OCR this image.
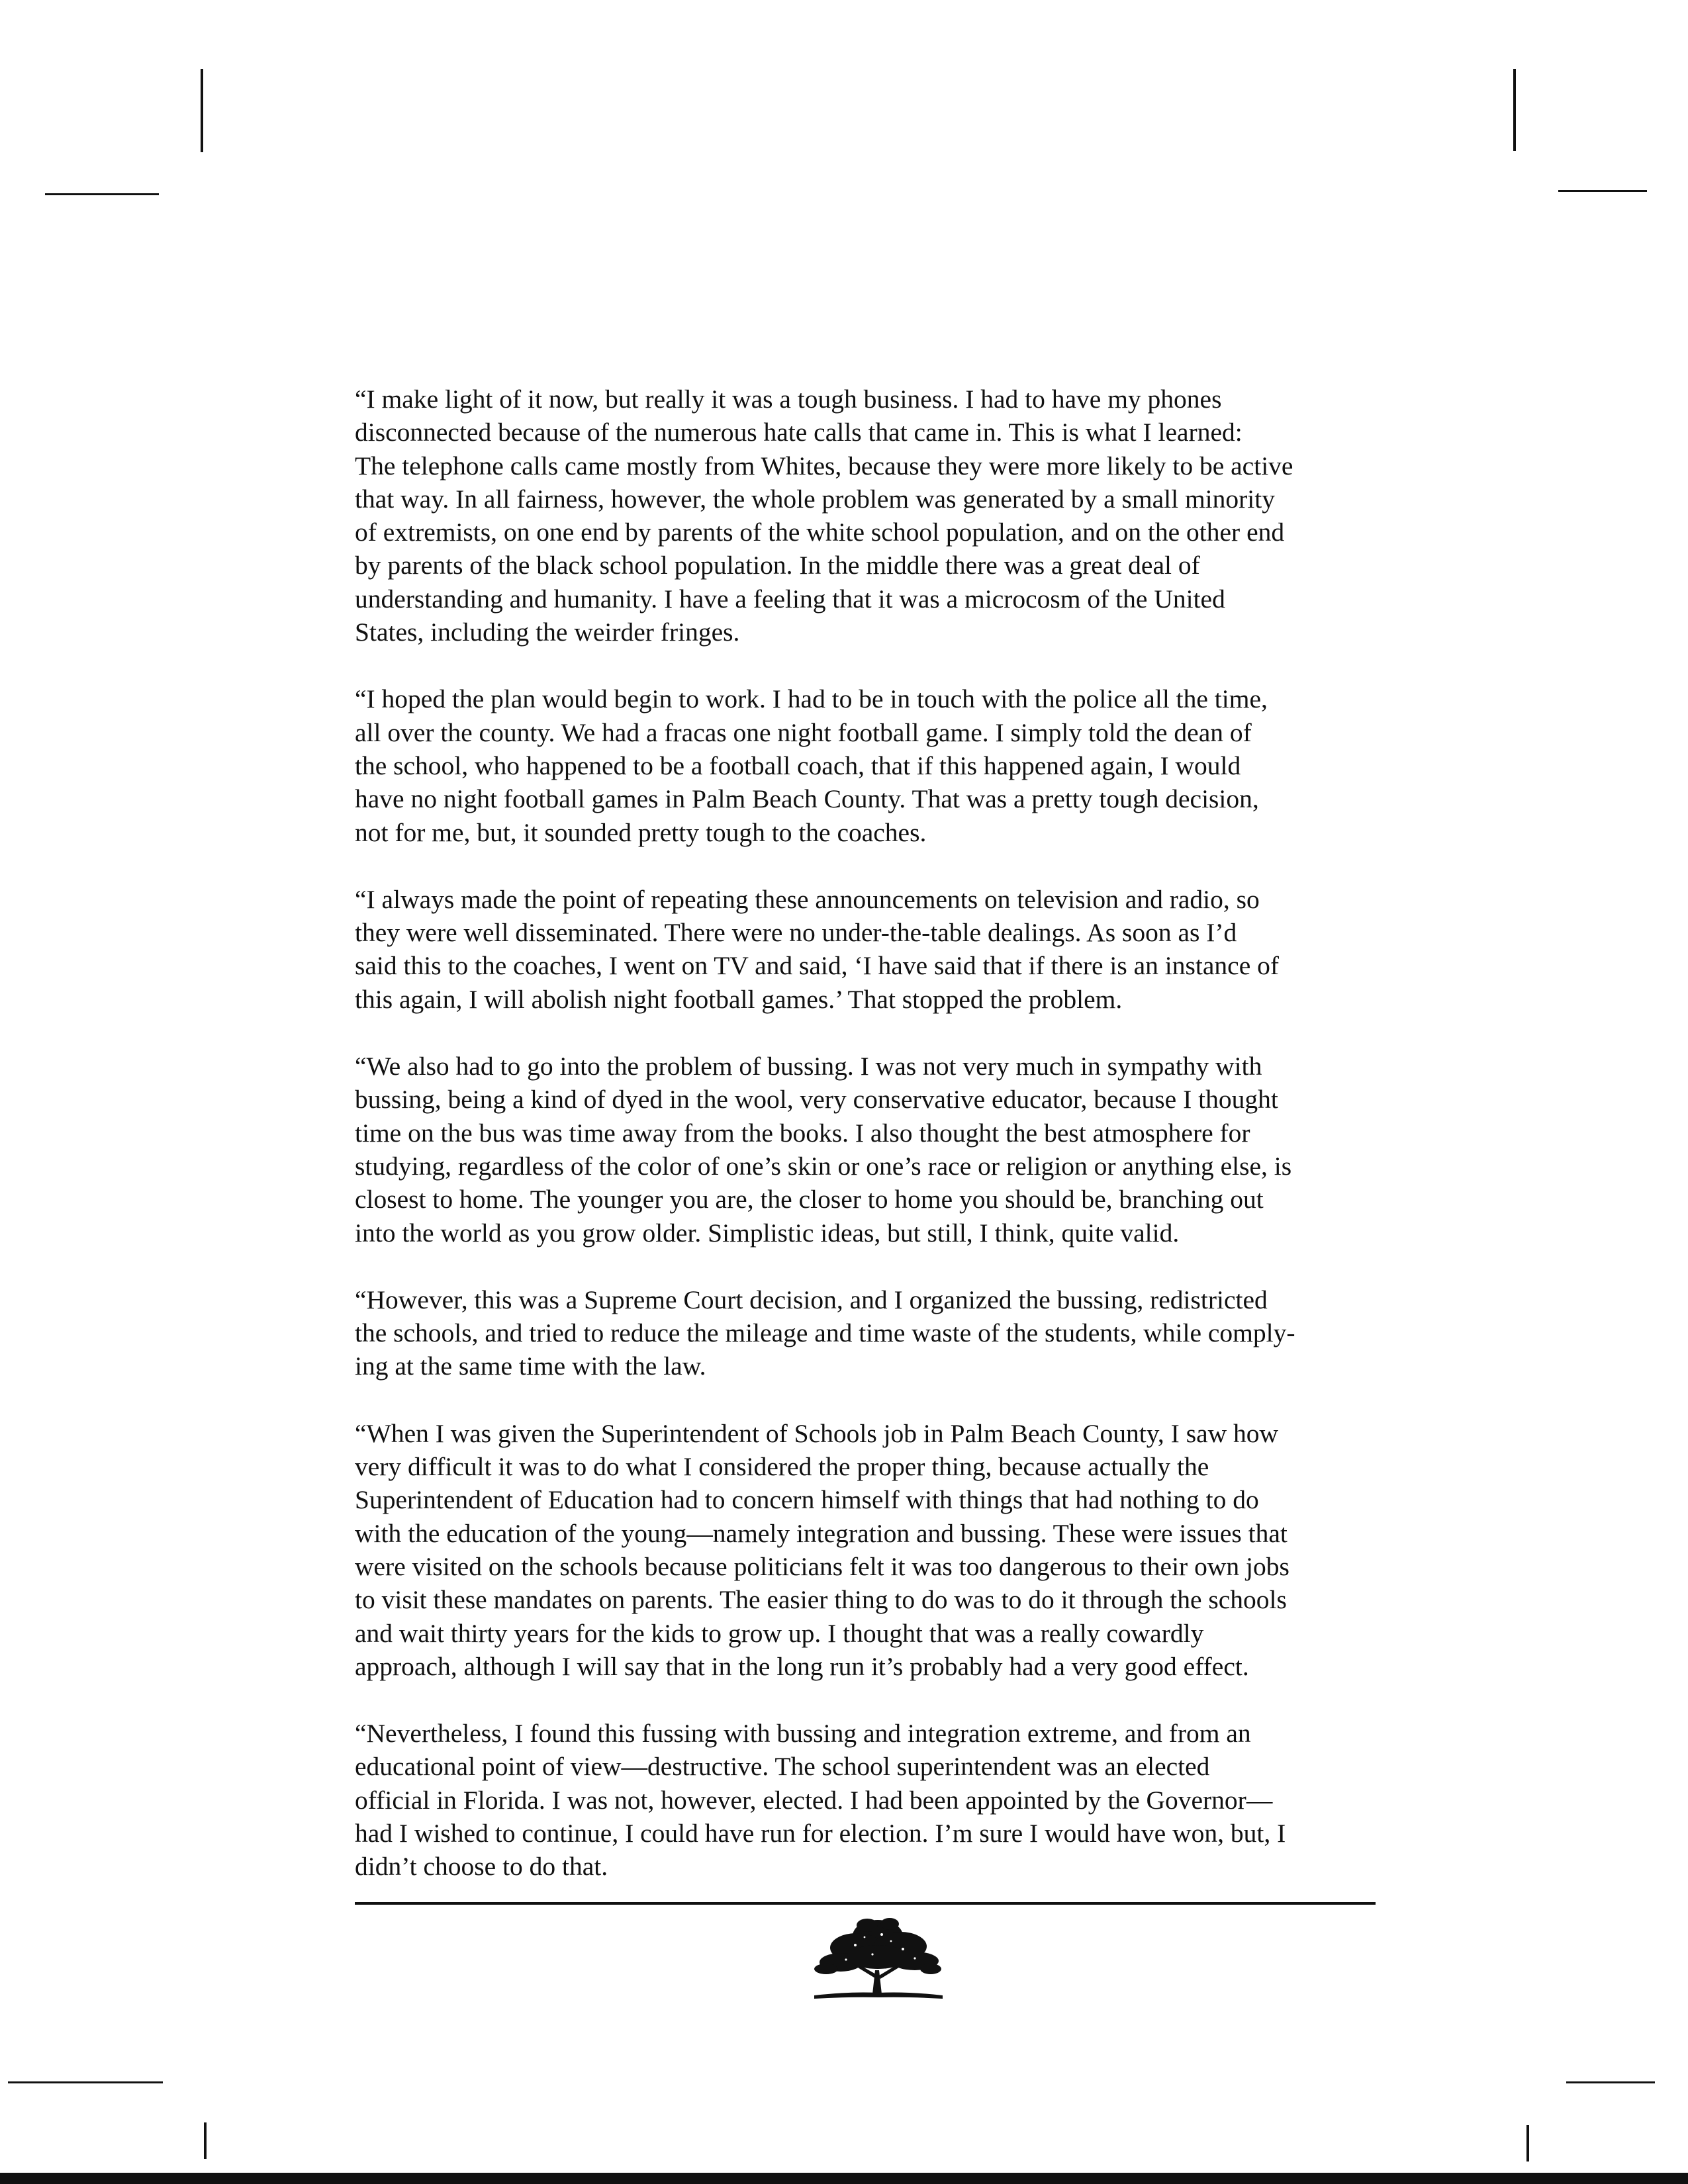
“I make light of it now, but really it was a tough business. I had to have my phones
disconnected because of the numerous hate calls that came in. This is what I learned:
The telephone calls came mostly from Whites, because they were more likely to be active
that way. In all fairness, however, the whole problem was generated by a small minority
of extremists, on one end by parents of the white school population, and on the other end
by parents of the black school population. In the middle there was a great deal of
understanding and humanity. I have a feeling that it was a microcosm of the United
States, including the weirder fringes.

“I hoped the plan would begin to work. I had to be in touch with the police all the time,
all over the county. We had a fracas one night football game. I simply told the dean of
the school, who happened to be a football coach, that if this happened again, I would
have no night football games in Palm Beach County. That was a pretty tough decision,
not for me, but, it sounded pretty tough to the coaches.

“I always made the point of repeating these announcements on television and radio, so
they were well disseminated. There were no under-the-table dealings. As soon as I’d
said this to the coaches, I went on TV and said, ‘I have said that if there is an instance of
this again, I will abolish night football games.’ That stopped the problem.

“We also had to go into the problem of bussing. I was not very much in sympathy with
bussing, being a kind of dyed in the wool, very conservative educator, because I thought
time on the bus was time away from the books. I also thought the best atmosphere for
studying, regardless of the color of one’s skin or one’s race or religion or anything else, is
closest to home. The younger you are, the closer to home you should be, branching out
into the world as you grow older. Simplistic ideas, but still, I think, quite valid.

“However, this was a Supreme Court decision, and I organized the bussing, redistricted
the schools, and tried to reduce the mileage and time waste of the students, while comply-
ing at the same time with the law.

“When I was given the Superintendent of Schools job in Palm Beach County, I saw how
very difficult it was to do what I considered the proper thing, because actually the
Superintendent of Education had to concern himself with things that had nothing to do
with the education of the young—namely integration and bussing. These were issues that
were visited on the schools because politicians felt it was too dangerous to their own jobs
to visit these mandates on parents. The easier thing to do was to do it through the schools
and wait thirty years for the kids to grow up. I thought that was a really cowardly
approach, although I will say that in the long run it’s probably had a very good effect.

“Nevertheless, I found this fussing with bussing and integration extreme, and from an
educational point of view—destructive. The school superintendent was an elected
official in Florida. I was not, however, elected. I had been appointed by the Governor—
had I wished to continue, I could have run for election. I’m sure I would have won, but, I
didn’t choose to do that.
